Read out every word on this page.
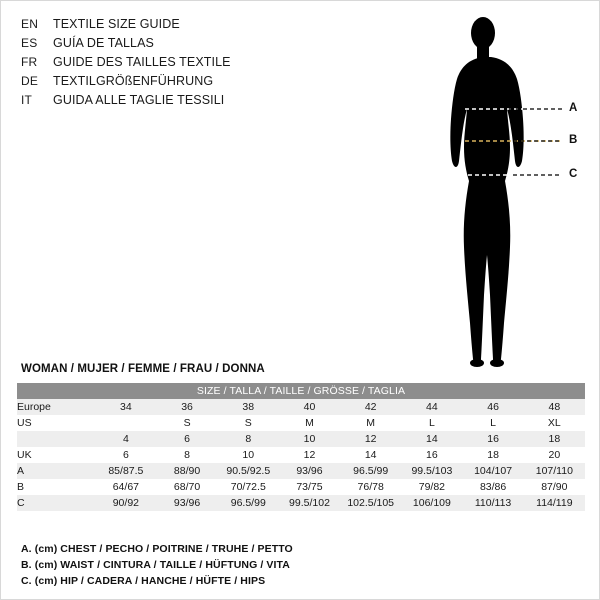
EN	TEXTILE SIZE GUIDE
ES	GUÍA DE TALLAS
FR	GUIDE DES TAILLES TEXTILE
DE	TEXTILGRÖßENFÜHRUNG
IT	GUIDA ALLE TAGLIE TESSILI
A
B
C
WOMAN / MUJER / FEMME / FRAU / DONNA
SIZE / TALLA / TAILLE / GRÖSSE / TAGLIA								
Europe	34	36	38	40	42	44	46	48
US		S	S	M	M	L	L	XL
	4	6	8	10	12	14	16	18
UK	6	8	10	12	14	16	18	20
A	85/87.5	88/90	90.5/92.5	93/96	96.5/99	99.5/103	104/107	107/110
B	64/67	68/70	70/72.5	73/75	76/78	79/82	83/86	87/90
C	90/92	93/96	96.5/99	99.5/102	102.5/105	106/109	110/113	114/119
A. (cm) CHEST / PECHO / POITRINE / TRUHE / PETTO
B. (cm) WAIST / CINTURA / TAILLE / HÜFTUNG / VITA
C. (cm) HIP / CADERA / HANCHE / HÜFTE / HIPS
